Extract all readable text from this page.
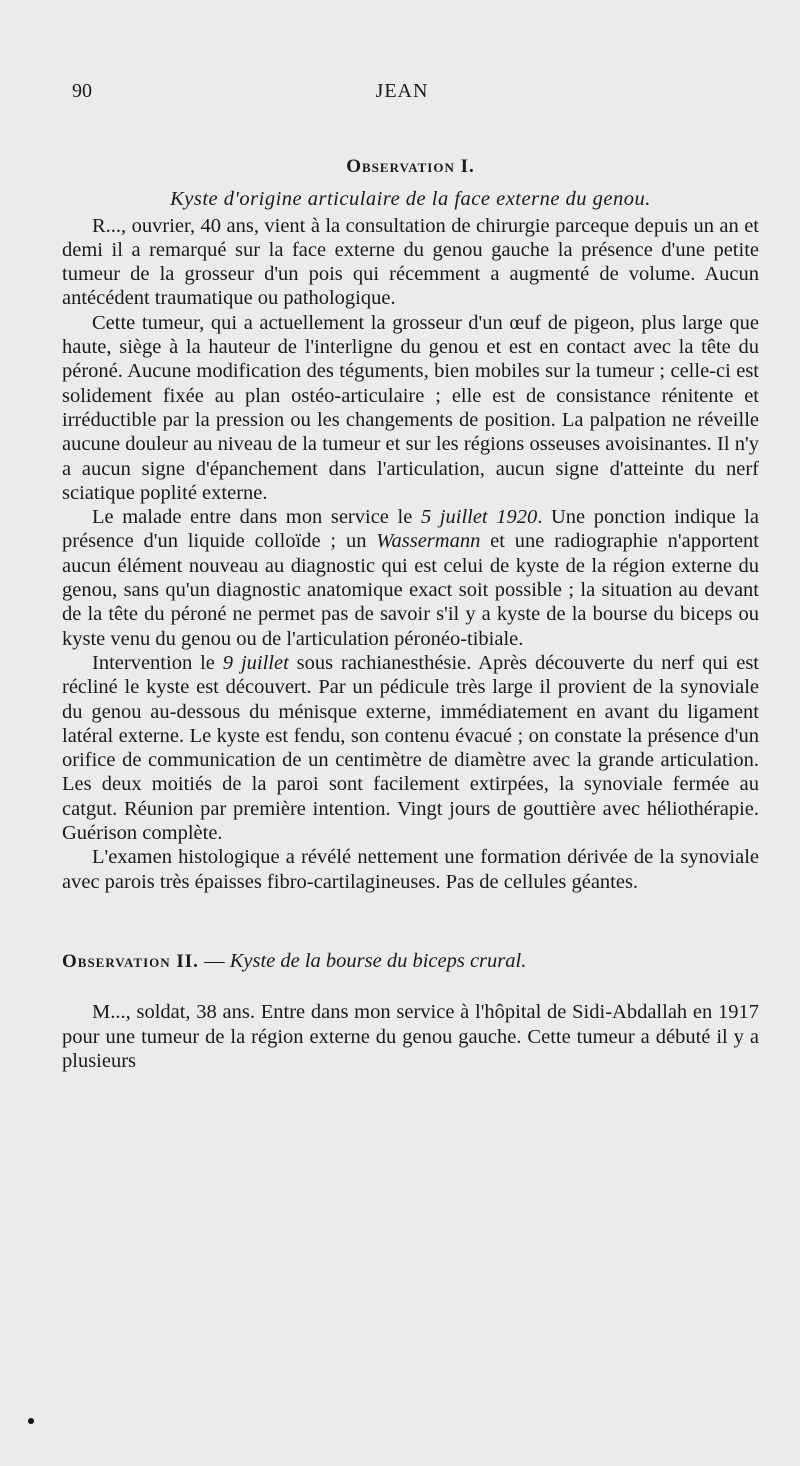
90	JEAN
Observation I.
Kyste d'origine articulaire de la face externe du genou.

R..., ouvrier, 40 ans, vient à la consultation de chirurgie parceque depuis un an et demi il a remarqué sur la face externe du genou gauche la présence d'une petite tumeur de la grosseur d'un pois qui récemment a augmenté de volume. Aucun antécédent traumatique ou pathologique.

Cette tumeur, qui a actuellement la grosseur d'un œuf de pigeon, plus large que haute, siège à la hauteur de l'interligne du genou et est en contact avec la tête du péroné. Aucune modification des téguments, bien mobiles sur la tumeur ; celle-ci est solidement fixée au plan ostéo-articulaire ; elle est de consistance rénitente et irréductible par la pression ou les changements de position. La palpation ne réveille aucune douleur au niveau de la tumeur et sur les régions osseuses avoisinantes. Il n'y a aucun signe d'épanchement dans l'articulation, aucun signe d'atteinte du nerf sciatique poplité externe.

Le malade entre dans mon service le 5 juillet 1920. Une ponction indique la présence d'un liquide colloïde ; un Wassermann et une radiographie n'apportent aucun élément nouveau au diagnostic qui est celui de kyste de la région externe du genou, sans qu'un diagnostic anatomique exact soit possible ; la situation au devant de la tête du péroné ne permet pas de savoir s'il y a kyste de la bourse du biceps ou kyste venu du genou ou de l'articulation péronéo-tibiale.

Intervention le 9 juillet sous rachianesthésie. Après découverte du nerf qui est récliné le kyste est découvert. Par un pédicule très large il provient de la synoviale du genou au-dessous du ménisque externe, immédiatement en avant du ligament latéral externe. Le kyste est fendu, son contenu évacué ; on constate la présence d'un orifice de communication de un centimètre de diamètre avec la grande articulation. Les deux moitiés de la paroi sont facilement extirpées, la synoviale fermée au catgut. Réunion par première intention. Vingt jours de gouttière avec héliothérapie. Guérison complète.

L'examen histologique a révélé nettement une formation dérivée de la synoviale avec parois très épaisses fibro-cartilagineuses. Pas de cellules géantes.

Observation II. — Kyste de la bourse du biceps crural.

M..., soldat, 38 ans. Entre dans mon service à l'hôpital de Sidi-Abdallah en 1917 pour une tumeur de la région externe du genou gauche. Cette tumeur a débuté il y a plusieurs
